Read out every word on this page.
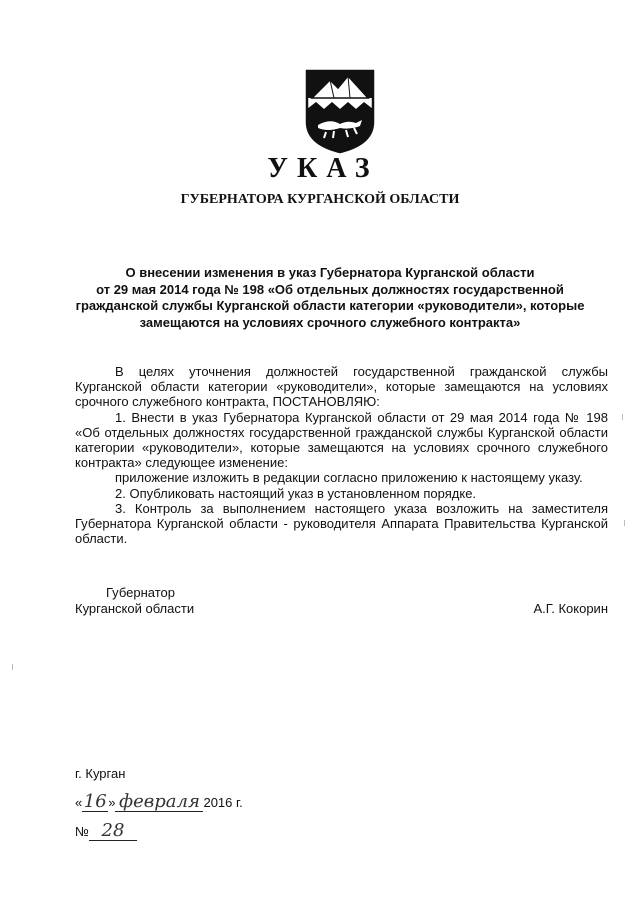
УКАЗ
ГУБЕРНАТОРА КУРГАНСКОЙ ОБЛАСТИ
О внесении изменения в указ Губернатора Курганской области
от 29 мая 2014 года № 198 «Об отдельных должностях государственной
гражданской службы Курганской области категории «руководители», которые
замещаются на условиях срочного служебного контракта»
В целях уточнения должностей государственной гражданской службы Курганской области категории «руководители», которые замещаются на условиях срочного служебного контракта, ПОСТАНОВЛЯЮ:
1. Внести в указ Губернатора Курганской области от 29 мая 2014 года № 198 «Об отдельных должностях государственной гражданской службы Курганской области категории «руководители», которые замещаются на условиях срочного служебного контракта» следующее изменение:
приложение изложить в редакции согласно приложению к настоящему указу.
2. Опубликовать настоящий указ в установленном порядке.
3. Контроль за выполнением настоящего указа возложить на заместителя Губернатора Курганской области - руководителя Аппарата Правительства Курганской области.
Губернатор
Курганской области	А.Г. Кокорин
г. Курган
«16 » февраля 2016 г.
№ 28
